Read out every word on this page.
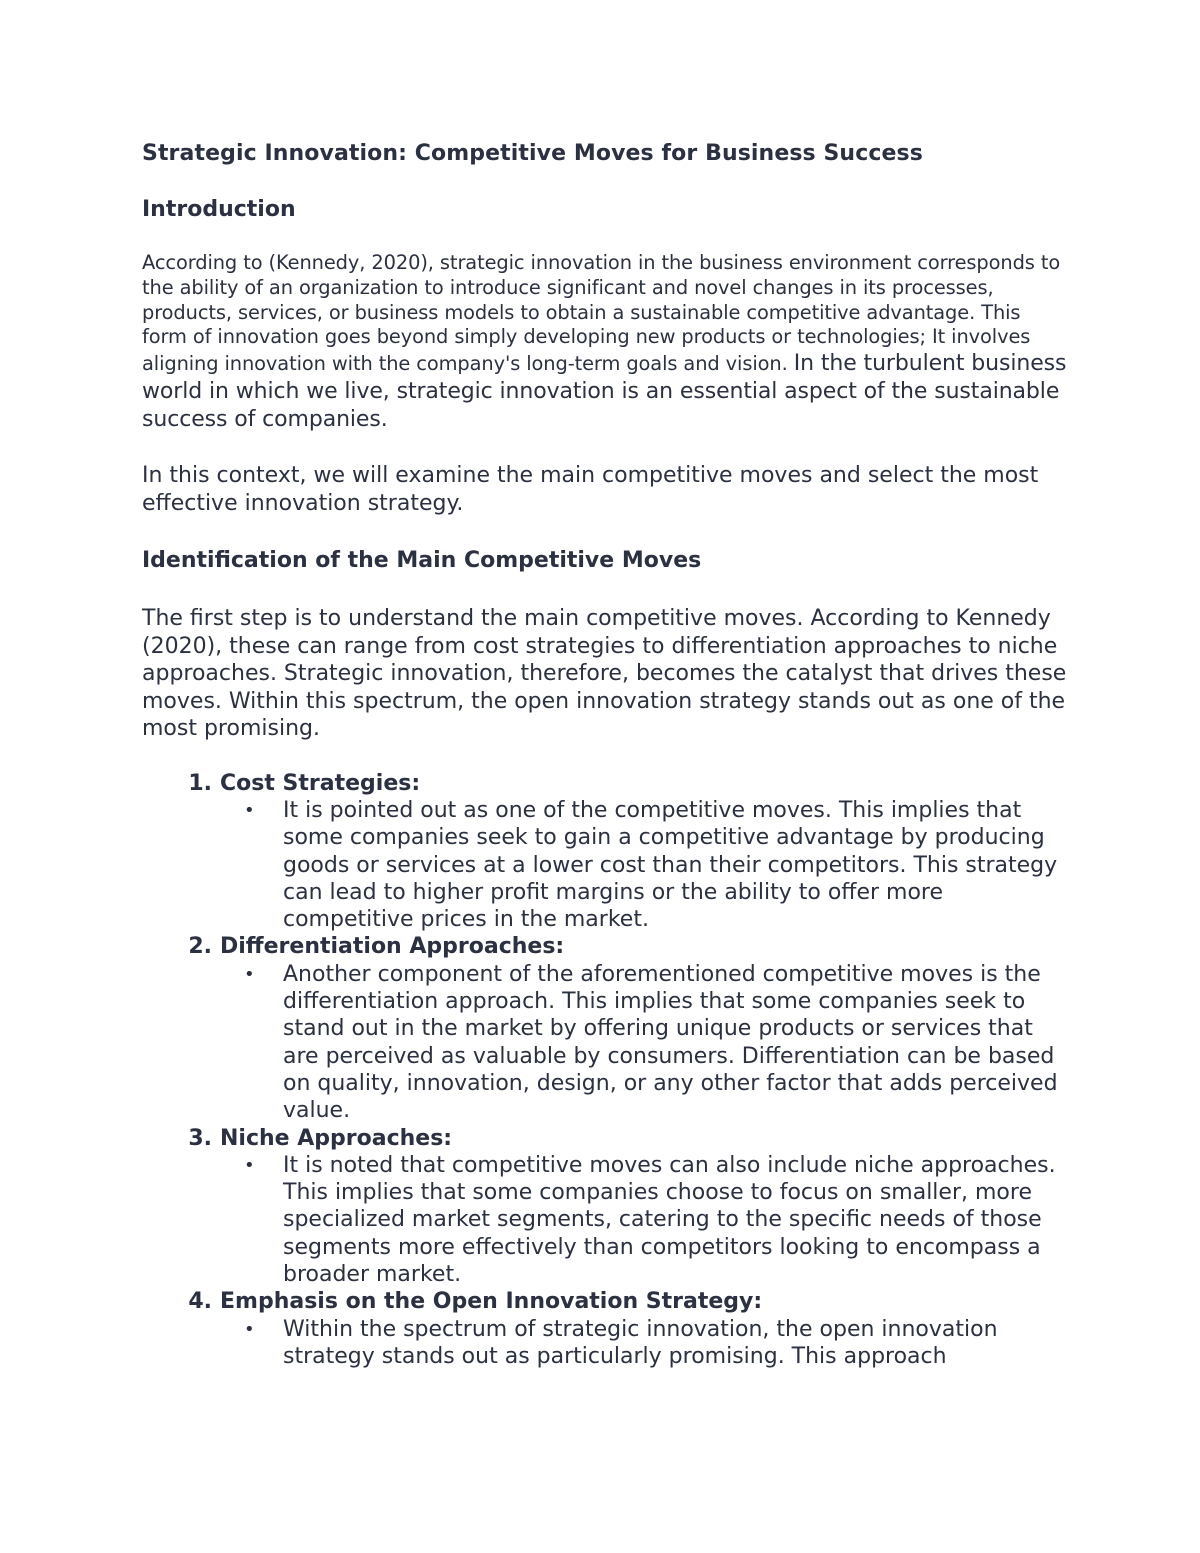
Strategic Innovation: Competitive Moves for Business Success
Introduction

According to (Kennedy, 2020), strategic innovation in the business environment corresponds to the ability of an organization to introduce significant and novel changes in its processes, products, services, or business models to obtain a sustainable competitive advantage. This form of innovation goes beyond simply developing new products or technologies; It involves aligning innovation with the company's long-term goals and vision. In the turbulent business world in which we live, strategic innovation is an essential aspect of the sustainable success of companies.

In this context, we will examine the main competitive moves and select the most effective innovation strategy.

Identification of the Main Competitive Moves

The first step is to understand the main competitive moves. According to Kennedy (2020), these can range from cost strategies to differentiation approaches to niche approaches. Strategic innovation, therefore, becomes the catalyst that drives these moves. Within this spectrum, the open innovation strategy stands out as one of the most promising.

1. Cost Strategies:
• It is pointed out as one of the competitive moves. This implies that some companies seek to gain a competitive advantage by producing goods or services at a lower cost than their competitors. This strategy can lead to higher profit margins or the ability to offer more competitive prices in the market.
2. Differentiation Approaches:
• Another component of the aforementioned competitive moves is the differentiation approach. This implies that some companies seek to stand out in the market by offering unique products or services that are perceived as valuable by consumers. Differentiation can be based on quality, innovation, design, or any other factor that adds perceived value.
3. Niche Approaches:
• It is noted that competitive moves can also include niche approaches. This implies that some companies choose to focus on smaller, more specialized market segments, catering to the specific needs of those segments more effectively than competitors looking to encompass a broader market.
4. Emphasis on the Open Innovation Strategy:
• Within the spectrum of strategic innovation, the open innovation strategy stands out as particularly promising. This approach
